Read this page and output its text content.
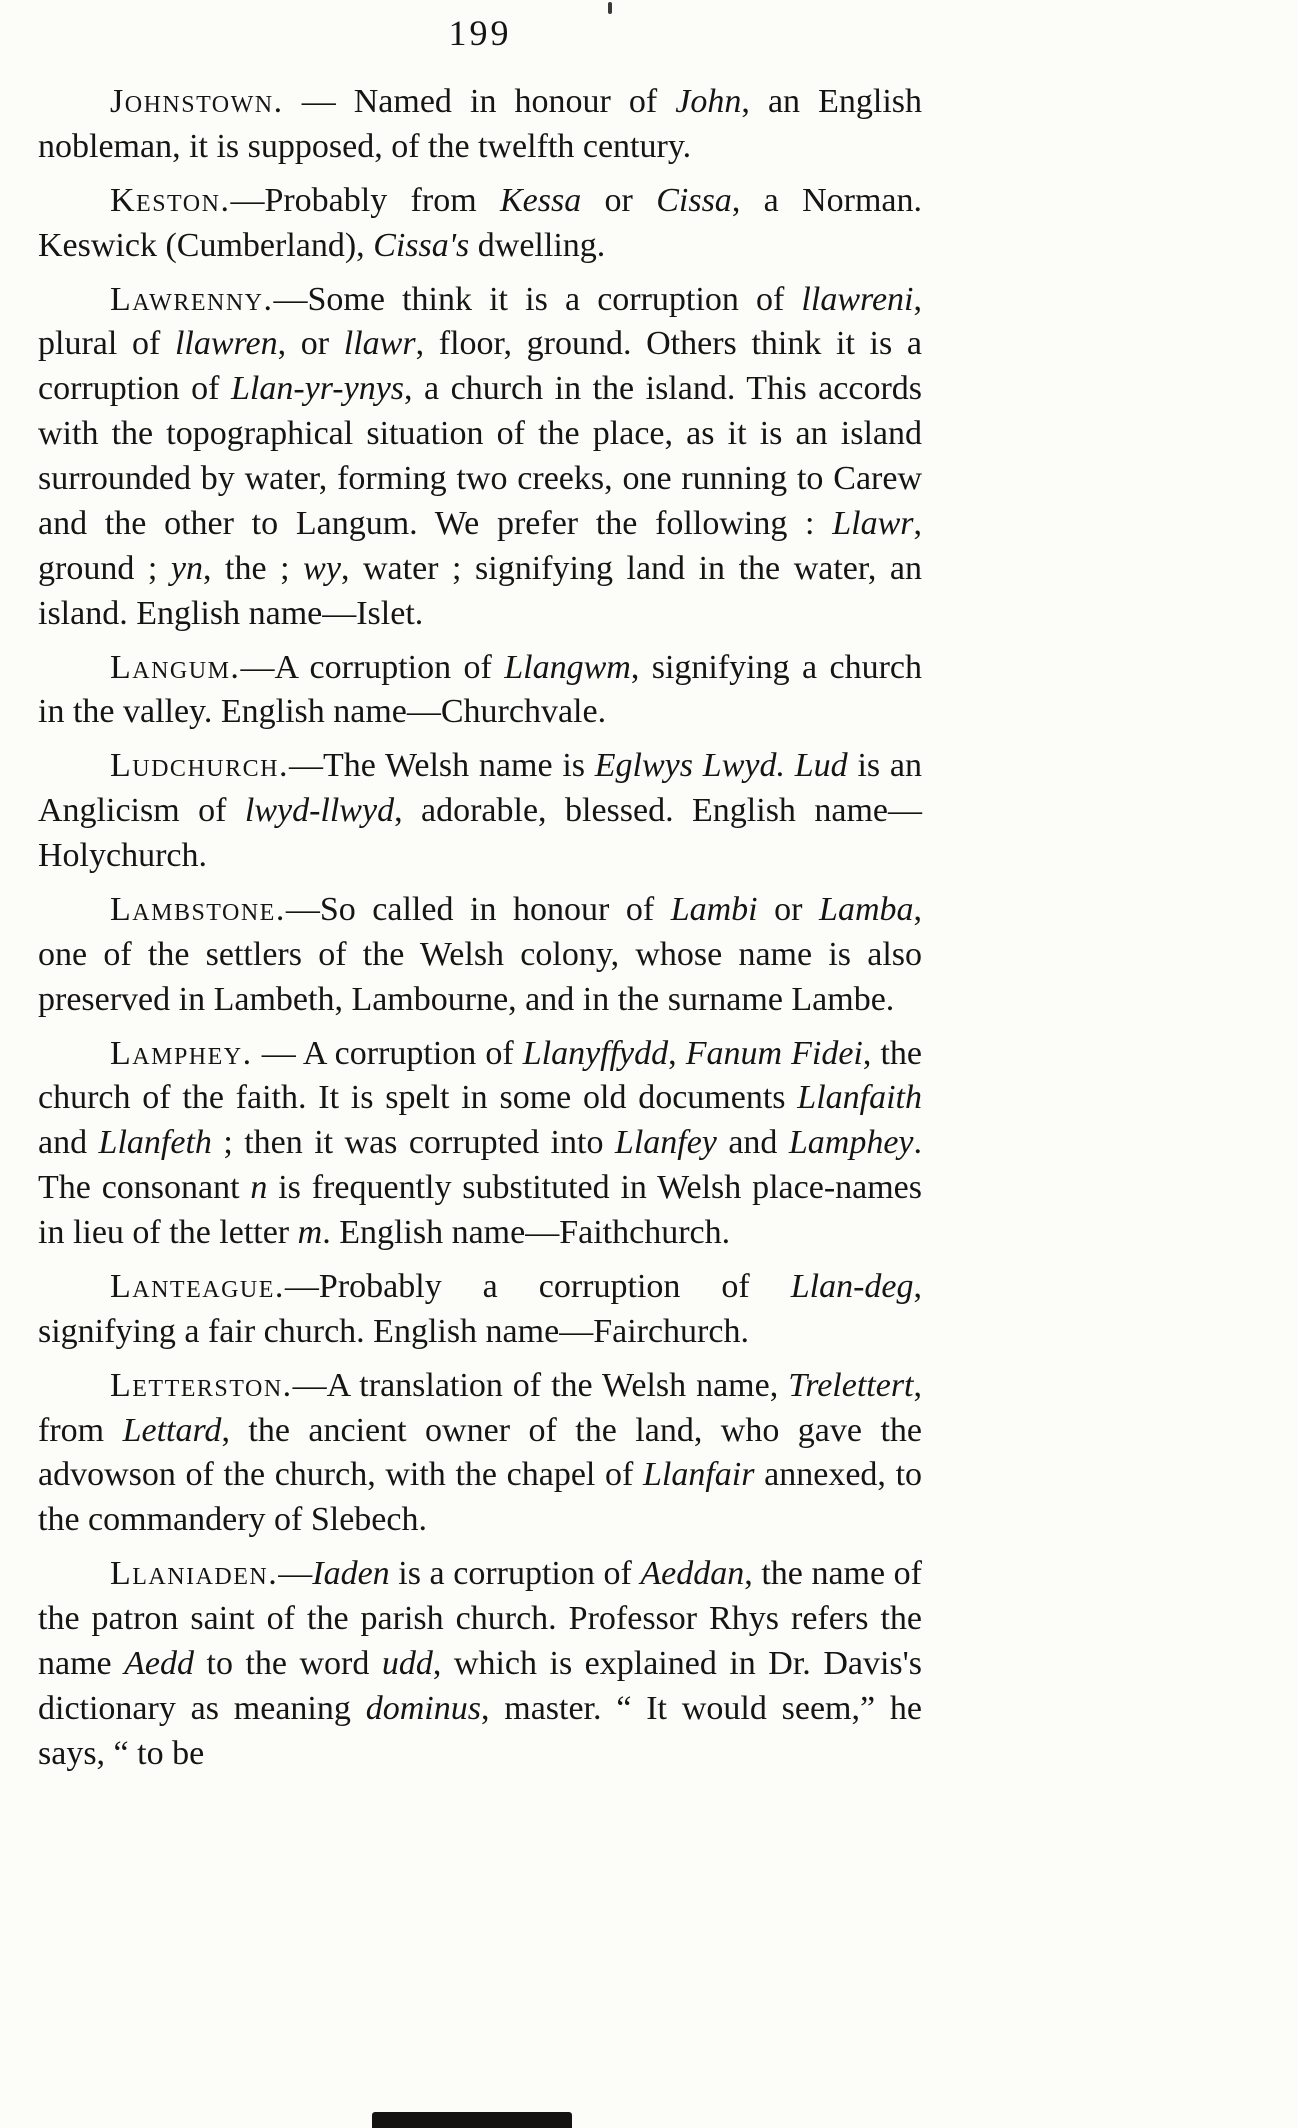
199

Johnstown. — Named in honour of John, an English nobleman, it is supposed, of the twelfth century.

Keston.—Probably from Kessa or Cissa, a Norman. Keswick (Cumberland), Cissa's dwelling.

Lawrenny.—Some think it is a corruption of llawreni, plural of llawren, or llawr, floor, ground. Others think it is a corruption of Llan-yr-ynys, a church in the island. This accords with the topographical situation of the place, as it is an island surrounded by water, forming two creeks, one running to Carew and the other to Langum. We prefer the following : Llawr, ground ; yn, the ; wy, water ; signifying land in the water, an island. English name—Islet.

Langum.—A corruption of Llangwm, signifying a church in the valley. English name—Churchvale.

Ludchurch.—The Welsh name is Eglwys Lwyd. Lud is an Anglicism of lwyd-llwyd, adorable, blessed. English name—Holychurch.

Lambstone.—So called in honour of Lambi or Lamba, one of the settlers of the Welsh colony, whose name is also preserved in Lambeth, Lambourne, and in the surname Lambe.

Lamphey. — A corruption of Llanyffydd, Fanum Fidei, the church of the faith. It is spelt in some old documents Llanfaith and Llanfeth ; then it was corrupted into Llanfey and Lamphey. The consonant n is frequently substituted in Welsh place-names in lieu of the letter m. English name—Faithchurch.

Lanteague.—Probably a corruption of Llan-deg, signifying a fair church. English name—Fairchurch.

Letterston.—A translation of the Welsh name, Trelettert, from Lettard, the ancient owner of the land, who gave the advowson of the church, with the chapel of Llanfair annexed, to the commandery of Slebech.

Llaniaden.—Iaden is a corruption of Aeddan, the name of the patron saint of the parish church. Professor Rhys refers the name Aedd to the word udd, which is explained in Dr. Davis's dictionary as meaning dominus, master. “ It would seem,” he says, “ to be
